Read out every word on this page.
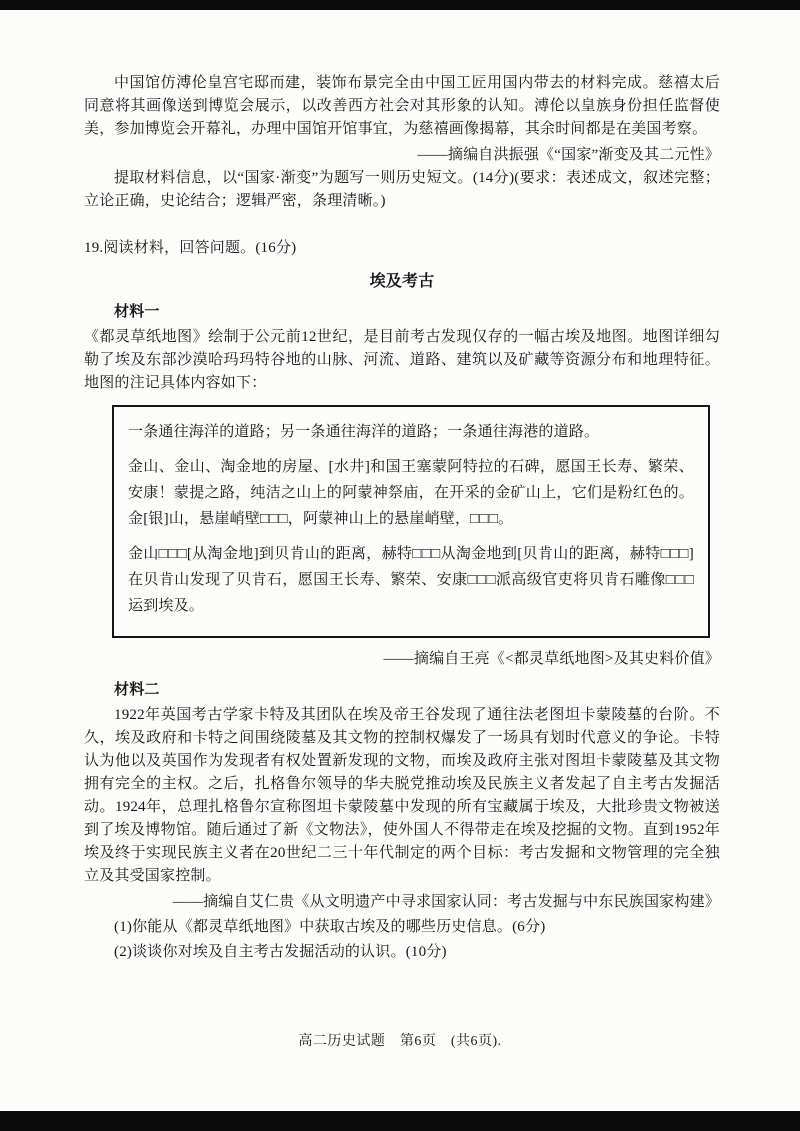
中国馆仿溥伦皇宫宅邸而建，装饰布景完全由中国工匠用国内带去的材料完成。慈禧太后同意将其画像送到博览会展示，以改善西方社会对其形象的认知。溥伦以皇族身份担任监督使美，参加博览会开幕礼，办理中国馆开馆事宜，为慈禧画像揭幕，其余时间都是在美国考察。

——摘编自洪振强《“国家”渐变及其二元性》

提取材料信息，以“国家·渐变”为题写一则历史短文。(14分)(要求：表述成文，叙述完整；立论正确，史论结合；逻辑严密，条理清晰。)

19.阅读材料，回答问题。(16分)

埃及考古

材料一

《都灵草纸地图》绘制于公元前12世纪，是目前考古发现仅存的一幅古埃及地图。地图详细勾勒了埃及东部沙漠哈玛玛特谷地的山脉、河流、道路、建筑以及矿藏等资源分布和地理特征。地图的注记具体内容如下：

一条通往海洋的道路；另一条通往海洋的道路；一条通往海港的道路。

金山、金山、淘金地的房屋、[水井]和国王塞蒙阿特拉的石碑，愿国王长寿、繁荣、安康！蒙提之路，纯洁之山上的阿蒙神祭庙，在开采的金矿山上，它们是粉红色的。金[银]山，悬崖峭壁□□□，阿蒙神山上的悬崖峭壁，□□□。

金山□□□[从淘金地]到贝肯山的距离，赫特□□□从淘金地到[贝肯山的距离，赫特□□□]在贝肯山发现了贝肯石，愿国王长寿、繁荣、安康□□□派高级官吏将贝肯石雕像□□□运到埃及。

——摘编自王亮《<都灵草纸地图>及其史料价值》

材料二

1922年英国考古学家卡特及其团队在埃及帝王谷发现了通往法老图坦卡蒙陵墓的台阶。不久，埃及政府和卡特之间围绕陵墓及其文物的控制权爆发了一场具有划时代意义的争论。卡特认为他以及英国作为发现者有权处置新发现的文物，而埃及政府主张对图坦卡蒙陵墓及其文物拥有完全的主权。之后，扎格鲁尔领导的华夫脱党推动埃及民族主义者发起了自主考古发掘活动。1924年，总理扎格鲁尔宣称图坦卡蒙陵墓中发现的所有宝藏属于埃及，大批珍贵文物被送到了埃及博物馆。随后通过了新《文物法》，使外国人不得带走在埃及挖掘的文物。直到1952年埃及终于实现民族主义者在20世纪二三十年代制定的两个目标：考古发掘和文物管理的完全独立及其受国家控制。

——摘编自艾仁贵《从文明遗产中寻求国家认同：考古发掘与中东民族国家构建》

(1)你能从《都灵草纸地图》中获取古埃及的哪些历史信息。(6分)

(2)谈谈你对埃及自主考古发掘活动的认识。(10分)

高二历史试题　第6页　(共6页).
